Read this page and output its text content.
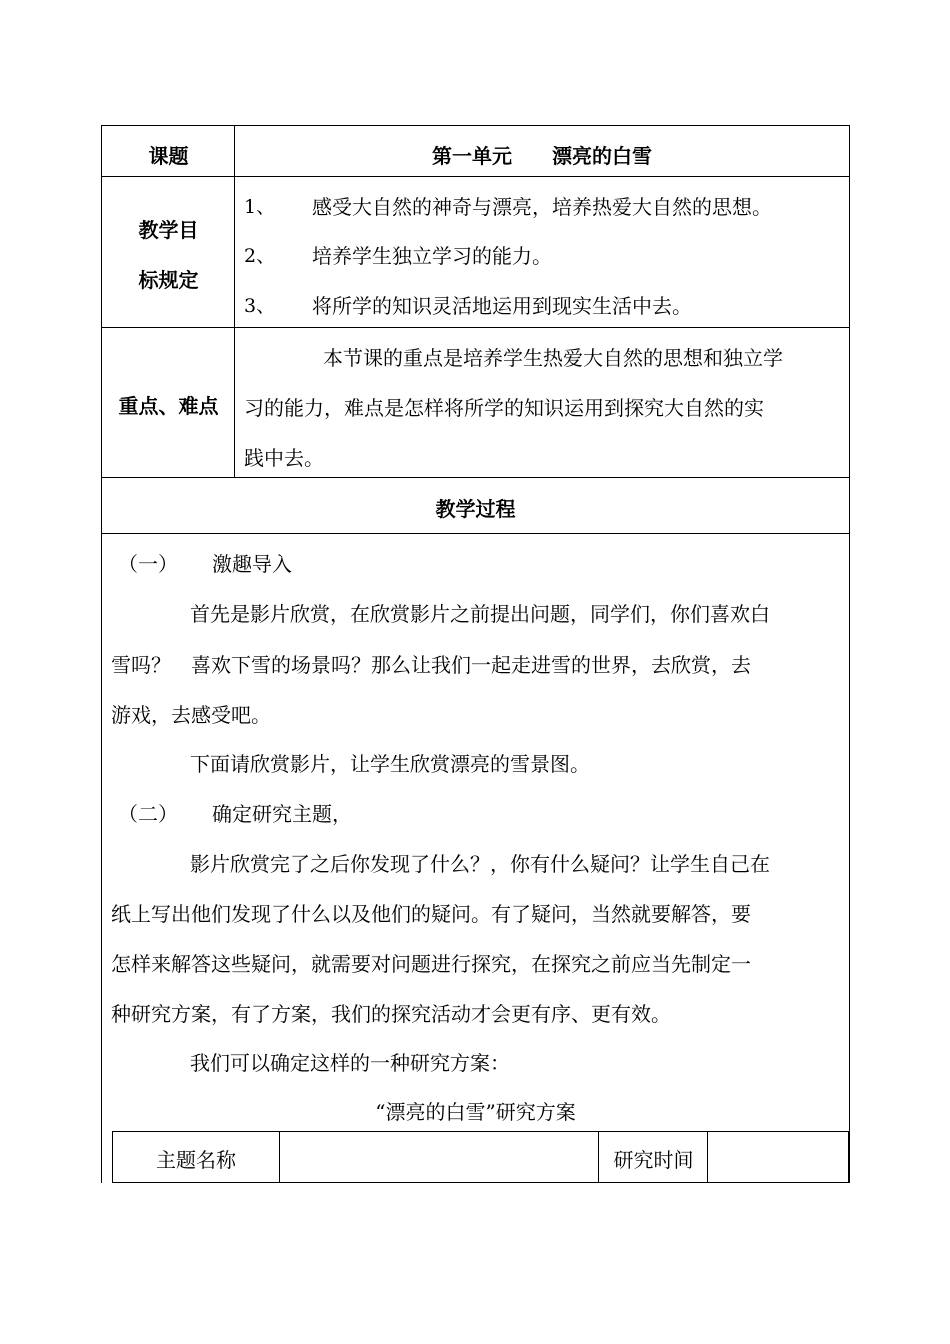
课题	第一单元　　漂亮的白雪
教学目
标规定
1、 感受大自然的神奇与漂亮，培养热爱大自然的思想。
2、 培养学生独立学习的能力。
3、 将所学的知识灵活地运用到现实生活中去。
重点、难点
本节课的重点是培养学生热爱大自然的思想和独立学
习的能力，难点是怎样将所学的知识运用到探究大自然的实
践中去。
教学过程
（一） 激趣导入
首先是影片欣赏，在欣赏影片之前提出问题，同学们，你们喜欢白
雪吗？　喜欢下雪的场景吗？那么让我们一起走进雪的世界，去欣赏，去
游戏，去感受吧。
下面请欣赏影片，让学生欣赏漂亮的雪景图。
（二） 确定研究主题，
影片欣赏完了之后你发现了什么？，你有什么疑问？让学生自己在
纸上写出他们发现了什么以及他们的疑问。有了疑问，当然就要解答，要
怎样来解答这些疑问，就需要对问题进行探究，在探究之前应当先制定一
种研究方案，有了方案，我们的探究活动才会更有序、更有效。
我们可以确定这样的一种研究方案：
“漂亮的白雪”研究方案
主题名称	研究时间
